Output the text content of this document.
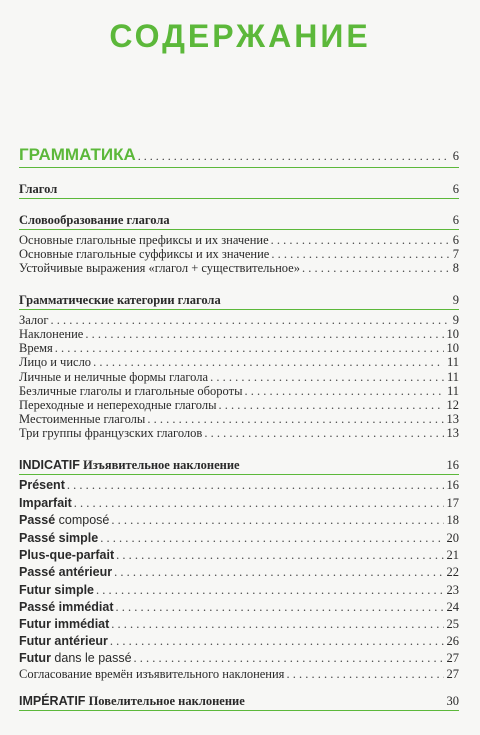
СОДЕРЖАНИЕ
ГРАММАТИКА . . .	6
Глагол	6
Словообразование глагола	6
Основные глагольные префиксы и их значение . . .	6
Основные глагольные суффиксы и их значение . . .	7
Устойчивые выражения «глагол + существительное» . . .	8
Грамматические категории глагола	9
Залог . . .	9
Наклонение . . .	10
Время . . .	10
Лицо и число . . .	11
Личные и неличные формы глагола . . .	11
Безличные глаголы и глагольные обороты . . .	11
Переходные и непереходные глаголы . . .	12
Местоименные глаголы . . .	13
Три группы французских глаголов . . .	13
INDICATIF Изъявительное наклонение	16
Présent . . .	16
Imparfait . . .	17
Passé composé . . .	18
Passé simple . . .	20
Plus-que-parfait . . .	21
Passé antérieur . . .	22
Futur simple . . .	23
Passé immédiat . . .	24
Futur immédiat . . .	25
Futur antérieur . . .	26
Futur dans le passé . . .	27
Согласование времён изъявительного наклонения . . .	27
IMPÉRATIF Повелительное наклонение	30
